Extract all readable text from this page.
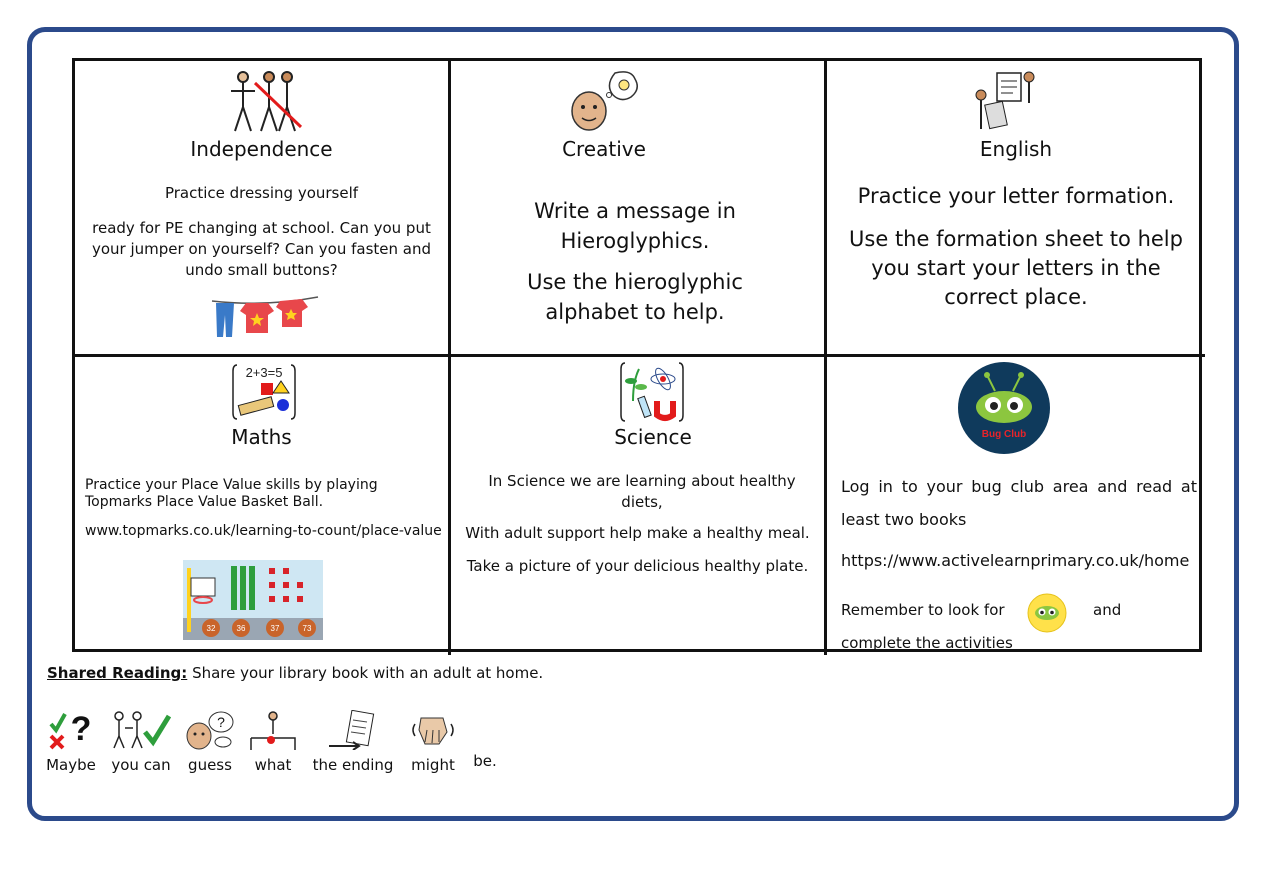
Independence
Practice dressing yourself
ready for PE changing at school. Can you put your jumper on yourself? Can you fasten and undo small buttons?
Creative
Write a message in Hieroglyphics.
Use the hieroglyphic alphabet to help.
English
Practice your letter formation.
Use the formation sheet to help you start your letters in the correct place.
2+3=5
Maths
Practice your Place Value skills by playing Topmarks Place Value Basket Ball.
www.topmarks.co.uk/learning-to-count/place-value
32	36	37	73
Science
In Science we are learning about healthy diets,
With adult support help make a healthy meal.
Take a picture of your delicious healthy plate.
Bug Club
Log in to your bug club area and read at least two books
https://www.activelearnprimary.co.uk/home
Remember to look for	and
complete the activities
Shared Reading: Share your library book with an adult at home.
?
Maybe you can
?
guess	what	the ending	might	be.
